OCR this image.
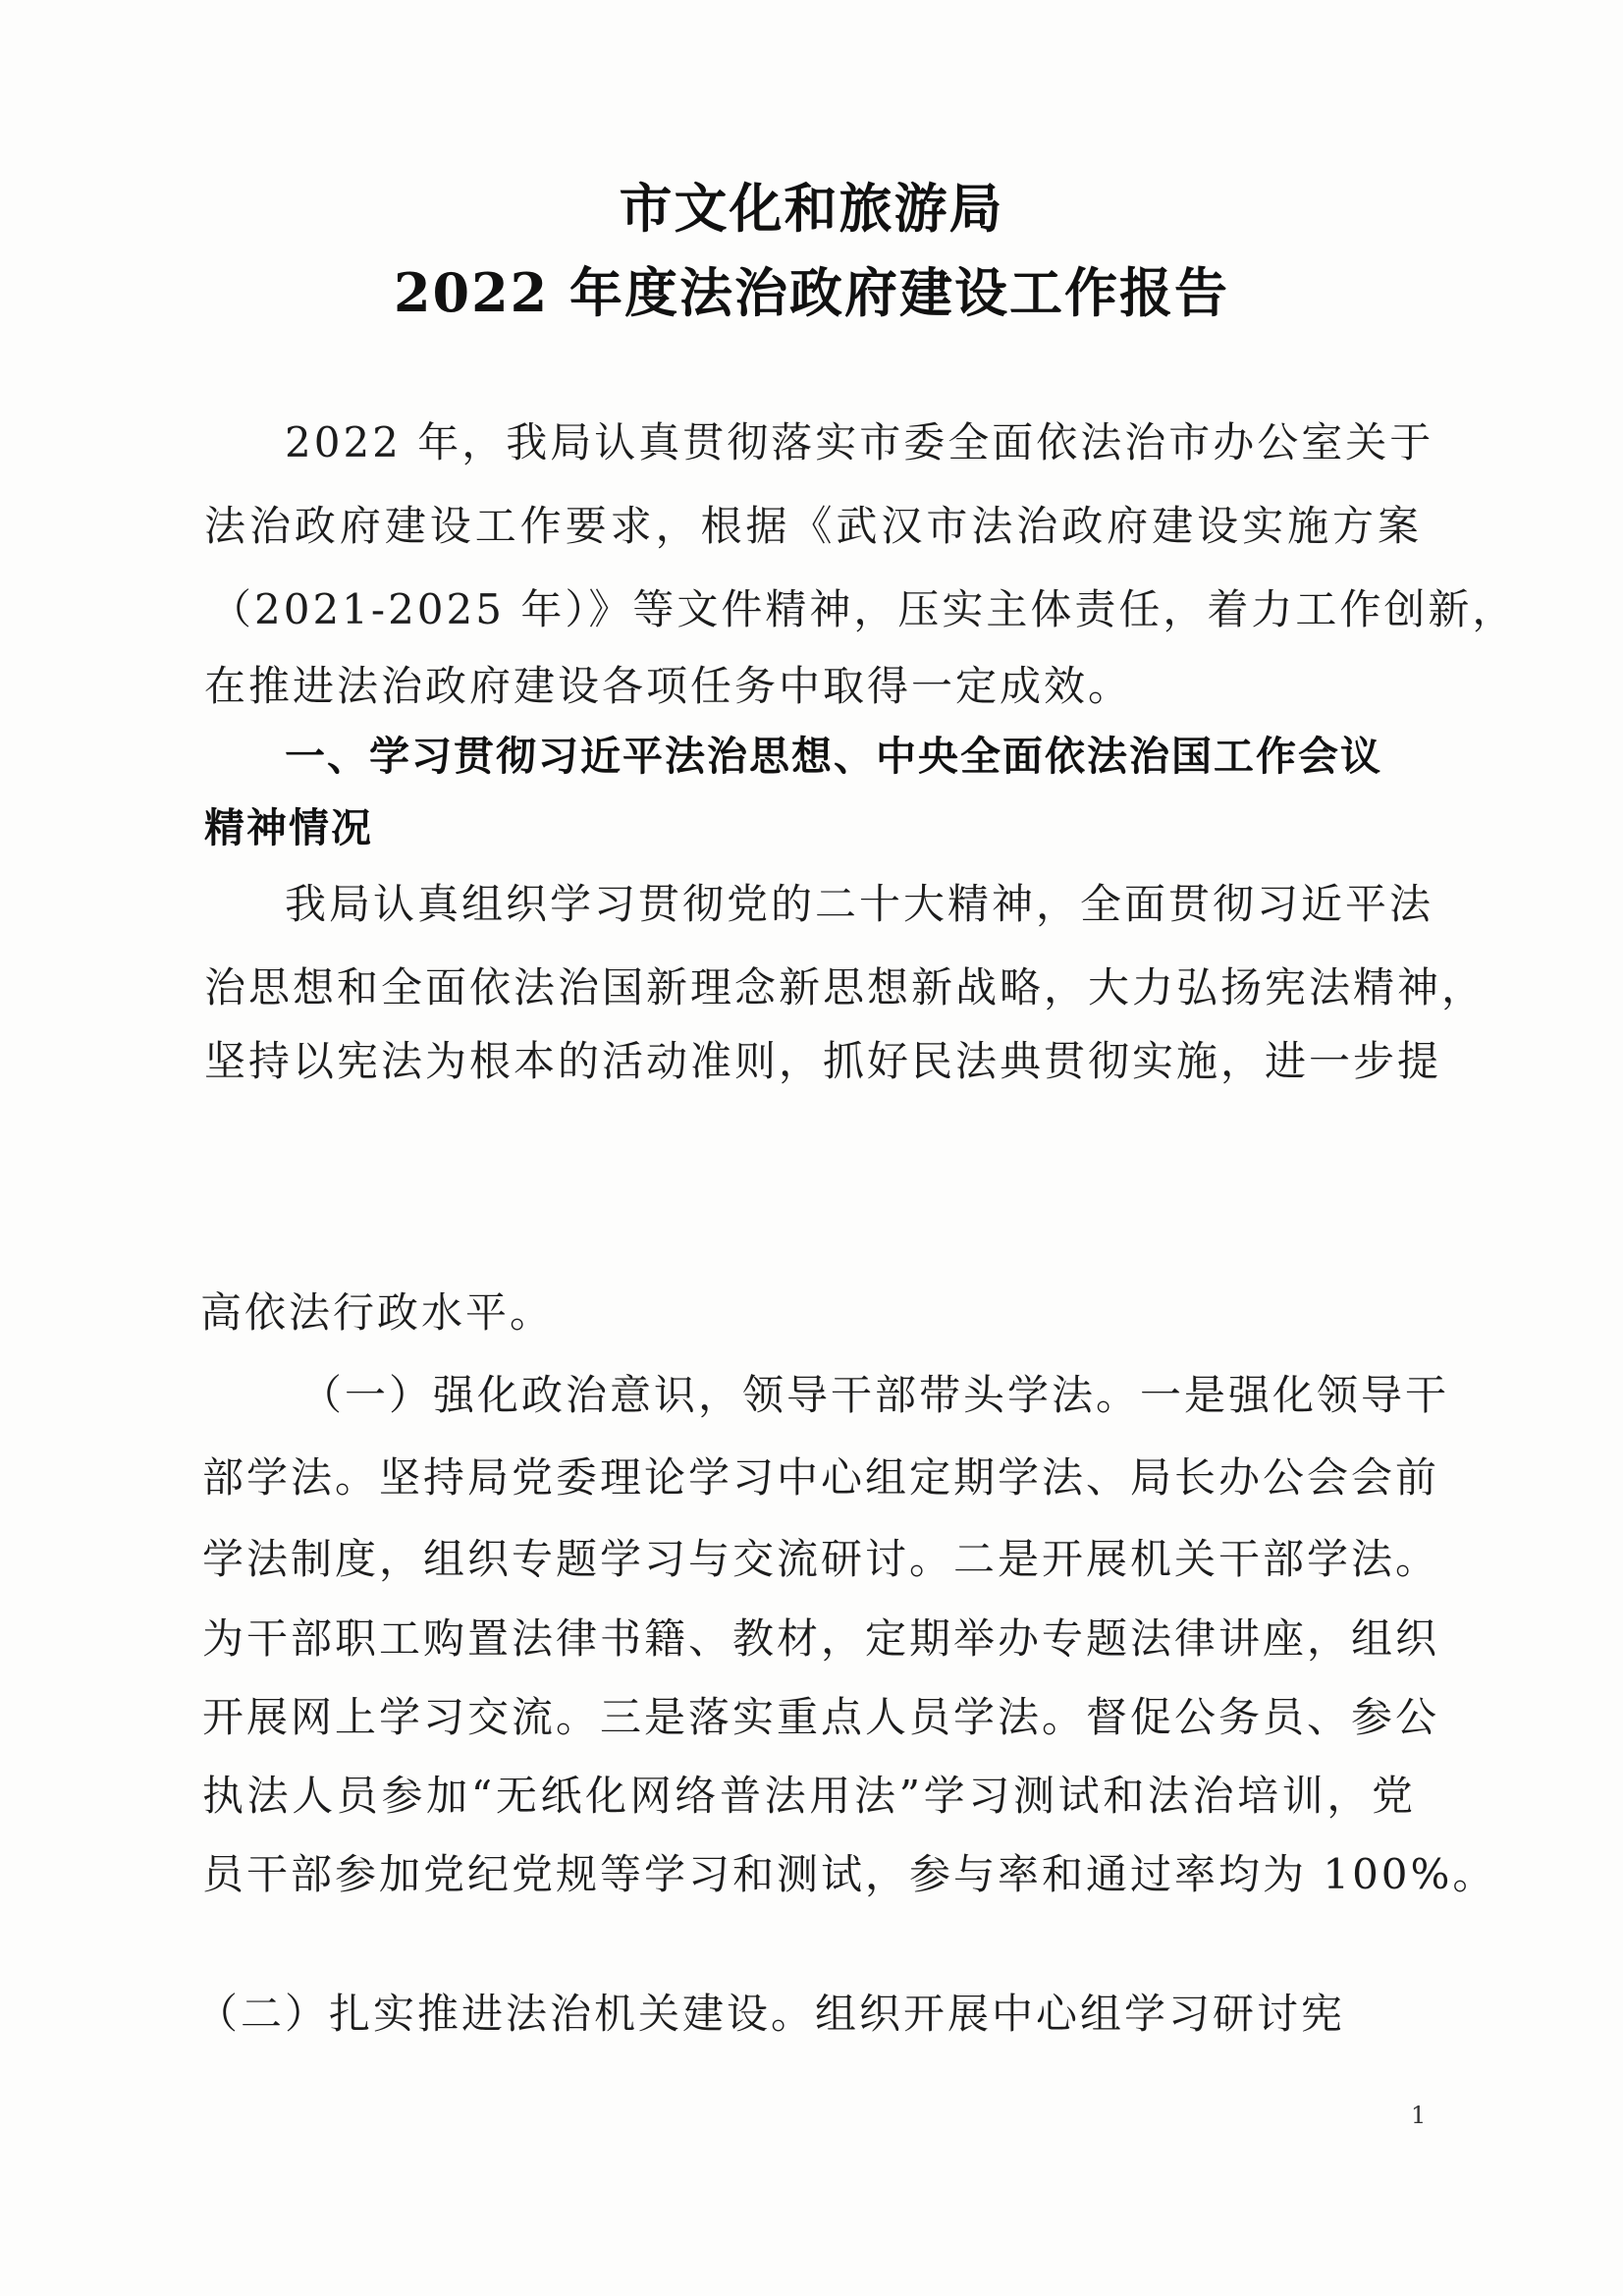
市文化和旅游局
2022 年度法治政府建设工作报告
2022 年，我局认真贯彻落实市委全面依法治市办公室关于
法治政府建设工作要求，根据《武汉市法治政府建设实施方案
（2021-2025 年）》等文件精神，压实主体责任，着力工作创新，
在推进法治政府建设各项任务中取得一定成效。
一、学习贯彻习近平法治思想、中央全面依法治国工作会议
精神情况
我局认真组织学习贯彻党的二十大精神，全面贯彻习近平法
治思想和全面依法治国新理念新思想新战略，大力弘扬宪法精神，
坚持以宪法为根本的活动准则，抓好民法典贯彻实施，进一步提
高依法行政水平。
（一）强化政治意识，领导干部带头学法。一是强化领导干
部学法。坚持局党委理论学习中心组定期学法、局长办公会会前
学法制度，组织专题学习与交流研讨。二是开展机关干部学法。
为干部职工购置法律书籍、教材，定期举办专题法律讲座，组织
开展网上学习交流。三是落实重点人员学法。督促公务员、参公
执法人员参加“无纸化网络普法用法”学习测试和法治培训，党
员干部参加党纪党规等学习和测试，参与率和通过率均为 100%。
（二）扎实推进法治机关建设。组织开展中心组学习研讨宪
1
